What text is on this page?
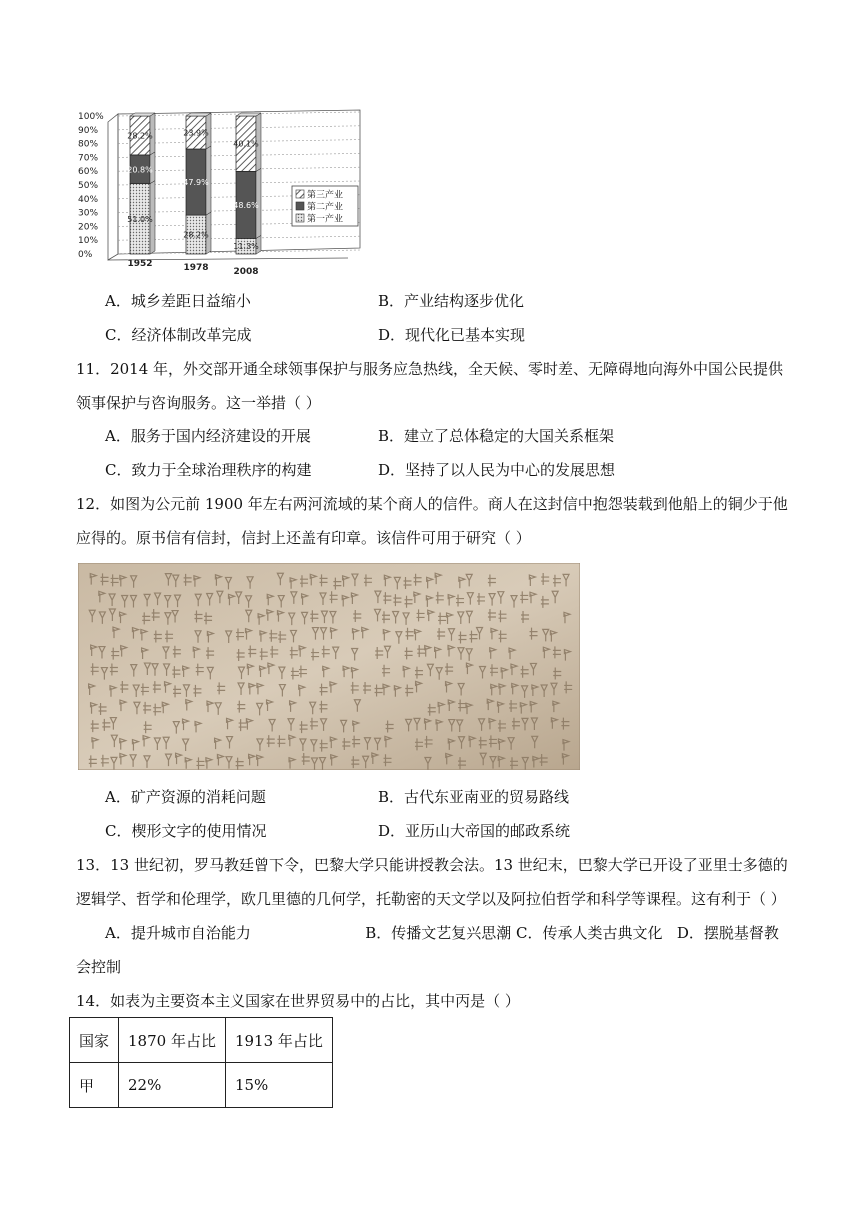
100%
90%
80%
70%
60%
50%
40%
30%
20%
10%
0%
51.0%
20.8%
28.2%
28.2%
47.9%
23.9%
11.3%
48.6%
40.1%
1952	1978	2008
第三产业
第二产业
第一产业
A．城乡差距日益缩小	B．产业结构逐步优化
C．经济体制改革完成	D．现代化已基本实现
11．2014 年，外交部开通全球领事保护与服务应急热线，全天候、零时差、无障碍地向海外中国公民提供
领事保护与咨询服务。这一举措（ ）
A．服务于国内经济建设的开展	B．建立了总体稳定的大国关系框架
C．致力于全球治理秩序的构建	D．坚持了以人民为中心的发展思想
12．如图为公元前 1900 年左右两河流域的某个商人的信件。商人在这封信中抱怨装载到他船上的铜少于他
应得的。原书信有信封，信封上还盖有印章。该信件可用于研究（ ）
A．矿产资源的消耗问题	B．古代东亚南亚的贸易路线
C．楔形文字的使用情况	D．亚历山大帝国的邮政系统
13．13 世纪初，罗马教廷曾下令，巴黎大学只能讲授教会法。13 世纪末，巴黎大学已开设了亚里士多德的
逻辑学、哲学和伦理学，欧几里德的几何学，托勒密的天文学以及阿拉伯哲学和科学等课程。这有利于（ ）
A．提升城市自治能力                        B．传播文艺复兴思潮 C．传承人类古典文化   D．摆脱基督教
会控制
14．如表为主要资本主义国家在世界贸易中的占比，其中丙是（ ）
国家	1870 年占比	1913 年占比
甲	22%	15%
